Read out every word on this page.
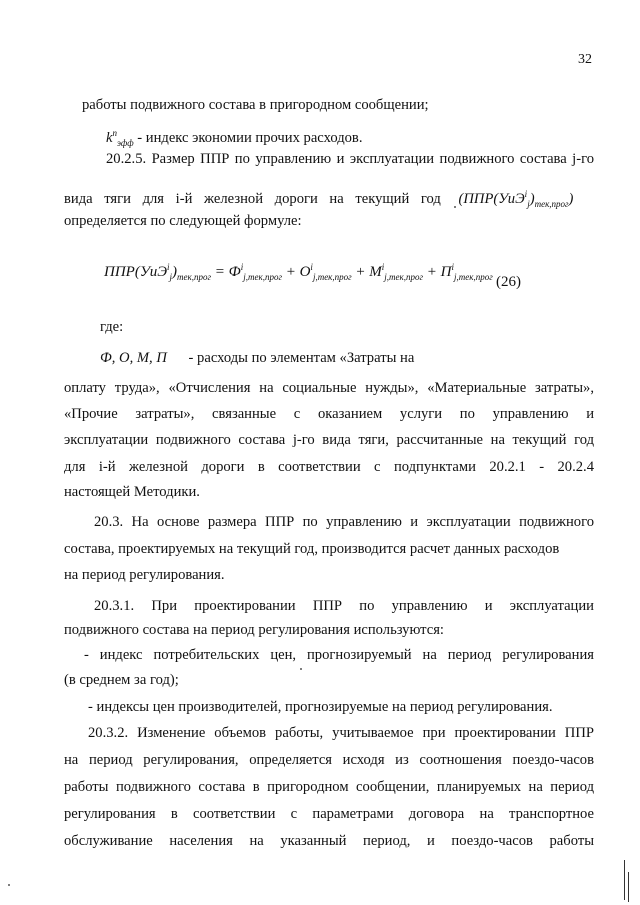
32
работы подвижного состава в пригородном сообщении;
$k^п_{эфф}$ - индекс экономии прочих расходов.
20.2.5. Размер ППР по управлению и эксплуатации подвижного состава j-го
вида тяги для i-й железной дороги на текущий год $(ППР(УиЭ^i_j)_{тек,прог})$
определяется по следующей формуле:
$ППР(УиЭ^i_j)_{тек,прог} = Ф^i_{j,тек,прог} + О^i_{j,тек,прог} + М^i_{j,тек,прог} + П^i_{j,тек,прог}$ (26)
где:
Ф, О, М, П - расходы по элементам «Затраты на
оплату труда», «Отчисления на социальные нужды», «Материальные затраты»,
«Прочие затраты», связанные с оказанием услуги по управлению и
эксплуатации подвижного состава j-го вида тяги, рассчитанные на текущий год
для i-й железной дороги в соответствии с подпунктами 20.2.1 - 20.2.4
настоящей Методики.
20.3. На основе размера ППР по управлению и эксплуатации подвижного
состава, проектируемых на текущий год, производится расчет данных расходов
на период регулирования.
20.3.1. При проектировании ППР по управлению и эксплуатации
подвижного состава на период регулирования используются:
- индекс потребительских цен, прогнозируемый на период регулирования
(в среднем за год);
- индексы цен производителей, прогнозируемые на период регулирования.
20.3.2. Изменение объемов работы, учитываемое при проектировании ППР
на период регулирования, определяется исходя из соотношения поездо-часов
работы подвижного состава в пригородном сообщении, планируемых на период
регулирования в соответствии с параметрами договора на транспортное
обслуживание населения на указанный период, и поездо-часов работы
